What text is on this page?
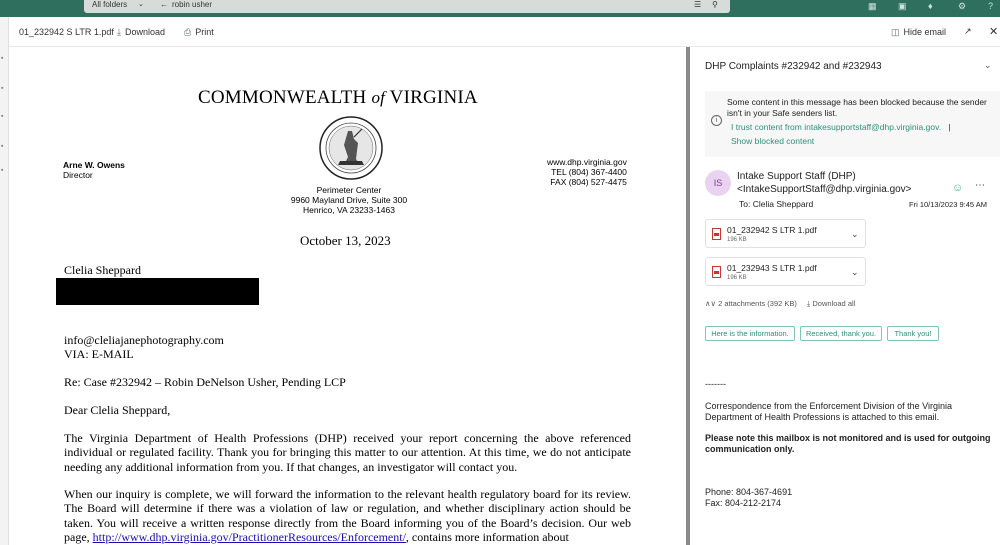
All folders ⌄ ← robin usher	☰ ⚲	▦ ▣ ♦	⚙ ?
▪
▪
▪
▪
▪
01_232942 S LTR 1.pdf ⤓ Download ⎙ Print	◫ Hide email ↗ ✕
COMMONWEALTH of VIRGINIA
Arne W. Owens
Director
www.dhp.virginia.gov
TEL (804) 367-4400
FAX (804) 527-4475
Perimeter Center
9960 Mayland Drive, Suite 300
Henrico, VA 23233-1463
October 13, 2023
Clelia Sheppard
info@cleliajanephotography.com
VIA: E-MAIL
Re: Case #232942 – Robin DeNelson Usher, Pending LCP
Dear Clelia Sheppard,
The Virginia Department of Health Professions (DHP) received your report concerning the above referenced individual or regulated facility. Thank you for bringing this matter to our attention. At this time, we do not anticipate needing any additional information from you. If that changes, an investigator will contact you.
When our inquiry is complete, we will forward the information to the relevant health regulatory board for its review. The Board will determine if there was a violation of law or regulation, and whether disciplinary action should be taken. You will receive a written response directly from the Board informing you of the Board’s decision. Our web page, http://www.dhp.virginia.gov/PractitionerResources/Enforcement/, contains more information about
DHP Complaints #232942 and #232943	⌄
i
Some content in this message has been blocked because the sender isn't in your Safe senders list.
I trust content from intakesupportstaff@dhp.virginia.gov. |
Show blocked content
IS
Intake Support Staff (DHP)
<IntakeSupportStaff@dhp.virginia.gov>	☺ ⋯
To: Clelia Sheppard	Fri 10/13/2023 9:45 AM
01_232942 S LTR 1.pdf
196 KB
⌄
01_232943 S LTR 1.pdf
196 KB
⌄
∧∨ 2 attachments (392 KB) ⤓ Download all
Here is the information.	Received, thank you.	Thank you!
-------
Correspondence from the Enforcement Division of the Virginia Department of Health Professions is attached to this email.
Please note this mailbox is not monitored and is used for outgoing communication only.
Phone: 804-367-4691
Fax: 804-212-2174
